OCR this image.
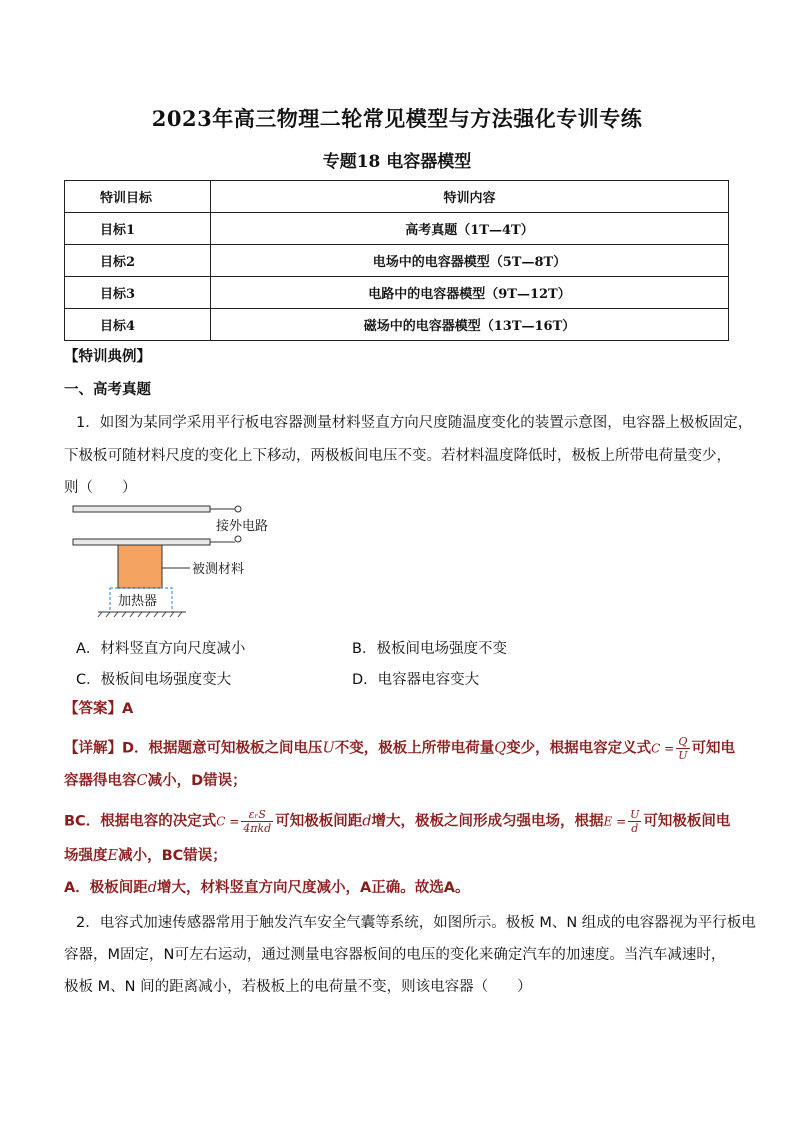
2023年高三物理二轮常见模型与方法强化专训专练
专题18 电容器模型
特训目标	特训内容
目标1	高考真题（1T—4T）
目标2	电场中的电容器模型（5T—8T）
目标3	电路中的电容器模型（9T—12T）
目标4	磁场中的电容器模型（13T—16T）
【特训典例】
一、高考真题
1．如图为某同学采用平行板电容器测量材料竖直方向尺度随温度变化的装置示意图，电容器上极板固定，
下极板可随材料尺度的变化上下移动，两极板间电压不变。若材料温度降低时，极板上所带电荷量变少，
则（　　）
接外电路
被测材料
加热器
A．材料竖直方向尺度减小	B．极板间电场强度不变
C．极板间电场强度变大	D．电容器电容变大
【答案】A
【详解】D．根据题意可知极板之间电压U不变，极板上所带电荷量Q变少，根据电容定义式$C = \frac{Q}{U}$ 可知电
容器得电容C减小，D错误；
BC．根据电容的决定式$C = \frac{\text{εᵣS}}{\text{4πkd}}$ 可知极板间距d增大，极板之间形成匀强电场，根据$E = \frac{U}{d}$ 可知极板间电
场强度E减小，BC错误；
A．极板间距d增大，材料竖直方向尺度减小，A正确。故选A。
2．电容式加速传感器常用于触发汽车安全气囊等系统，如图所示。极板 M、N 组成的电容器视为平行板电
容器，M固定，N可左右运动，通过测量电容器板间的电压的变化来确定汽车的加速度。当汽车减速时，
极板 M、N 间的距离减小，若极板上的电荷量不变，则该电容器（　　）
